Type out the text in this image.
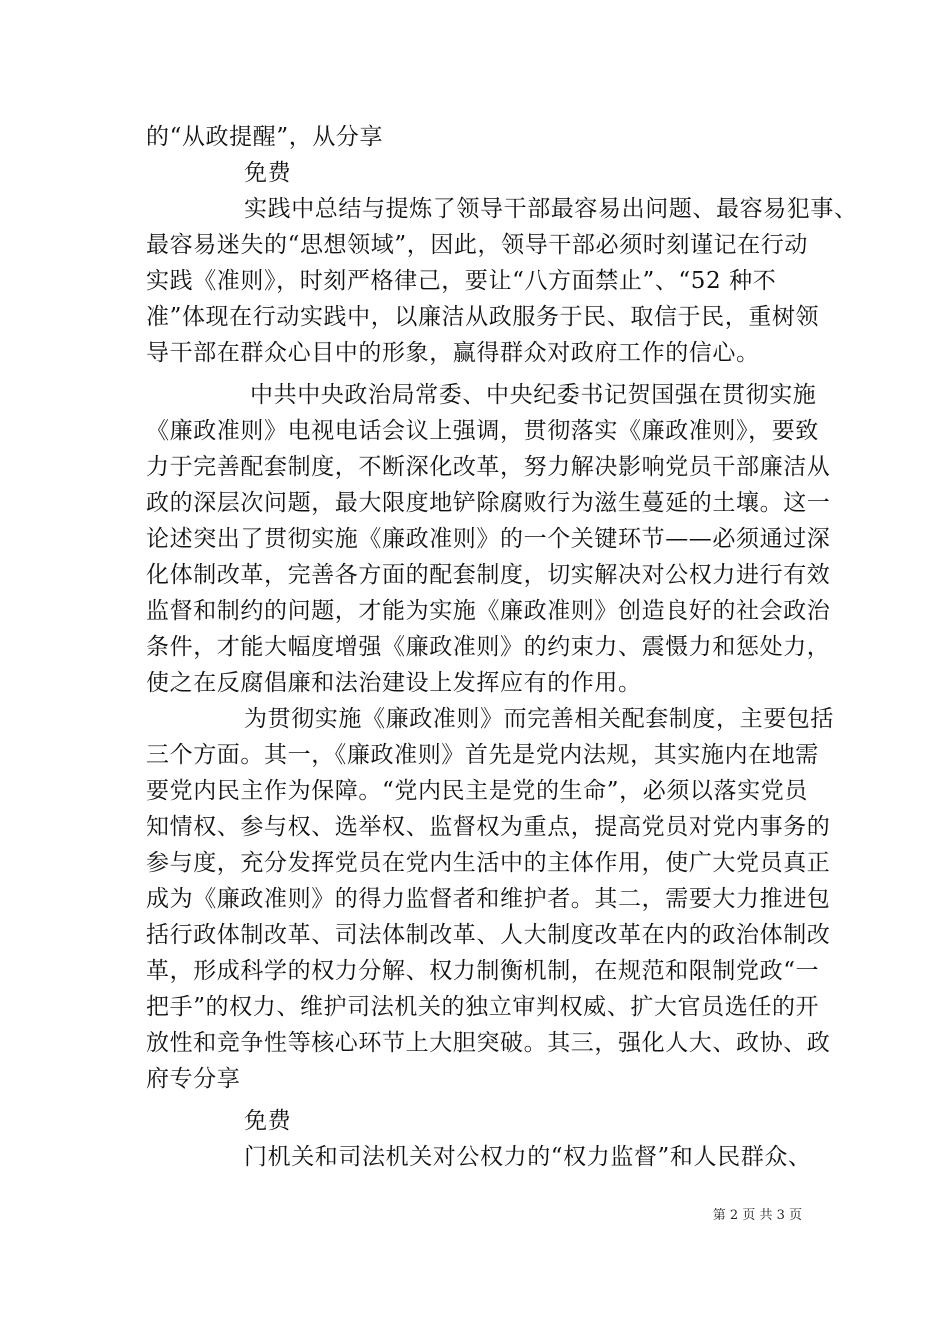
的“从政提醒”，从分享
免费
实践中总结与提炼了领导干部最容易出问题、最容易犯事、
最容易迷失的“思想领域”，因此，领导干部必须时刻谨记在行动
实践《准则》，时刻严格律己，要让“八方面禁止”、“52 种不
准”体现在行动实践中，以廉洁从政服务于民、取信于民，重树领
导干部在群众心目中的形象，赢得群众对政府工作的信心。
中共中央政治局常委、中央纪委书记贺国强在贯彻实施
《廉政准则》电视电话会议上强调，贯彻落实《廉政准则》，要致
力于完善配套制度，不断深化改革，努力解决影响党员干部廉洁从
政的深层次问题，最大限度地铲除腐败行为滋生蔓延的土壤。这一
论述突出了贯彻实施《廉政准则》的一个关键环节——必须通过深
化体制改革，完善各方面的配套制度，切实解决对公权力进行有效
监督和制约的问题，才能为实施《廉政准则》创造良好的社会政治
条件，才能大幅度增强《廉政准则》的约束力、震慑力和惩处力，
使之在反腐倡廉和法治建设上发挥应有的作用。
为贯彻实施《廉政准则》而完善相关配套制度，主要包括
三个方面。其一，《廉政准则》首先是党内法规，其实施内在地需
要党内民主作为保障。“党内民主是党的生命”，必须以落实党员
知情权、参与权、选举权、监督权为重点，提高党员对党内事务的
参与度，充分发挥党员在党内生活中的主体作用，使广大党员真正
成为《廉政准则》的得力监督者和维护者。其二，需要大力推进包
括行政体制改革、司法体制改革、人大制度改革在内的政治体制改
革，形成科学的权力分解、权力制衡机制，在规范和限制党政“一
把手”的权力、维护司法机关的独立审判权威、扩大官员选任的开
放性和竞争性等核心环节上大胆突破。其三，强化人大、政协、政
府专分享
免费
门机关和司法机关对公权力的“权力监督”和人民群众、
第 2 页 共 3 页
